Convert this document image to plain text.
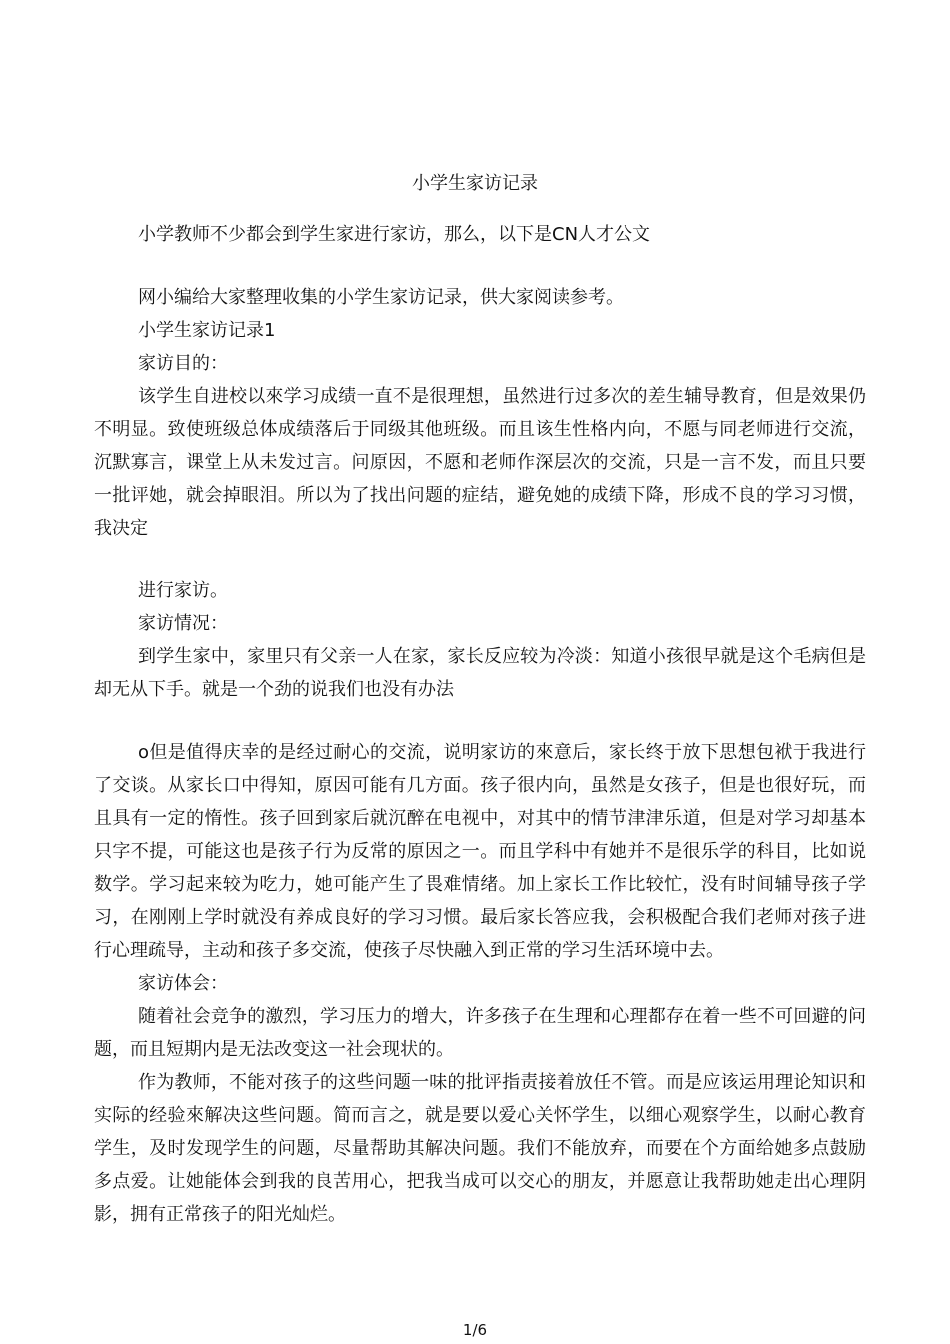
小学生家访记录

小学教师不少都会到学生家进行家访，那么，以下是CN人才公文

网小编给大家整理收集的小学生家访记录，供大家阅读参考。

小学生家访记录1

家访目的：

该学生自进校以來学习成绩一直不是很理想，虽然进行过多次的差生辅导教育，但是效果仍不明显。致使班级总体成绩落后于同级其他班级。而且该生性格内向，不愿与同老师进行交流，沉默寡言，课堂上从未发过言。问原因，不愿和老师作深层次的交流，只是一言不发，而且只要一批评她，就会掉眼泪。所以为了找出问题的症结，避免她的成绩下降，形成不良的学习习惯，我决定

进行家访。

家访情况：

到学生家中，家里只有父亲一人在家，家长反应较为冷淡：知道小孩很早就是这个毛病但是却无从下手。就是一个劲的说我们也没有办法

o但是值得庆幸的是经过耐心的交流，说明家访的來意后，家长终于放下思想包袱于我进行了交谈。从家长口中得知，原因可能有几方面。孩子很内向，虽然是女孩子，但是也很好玩，而且具有一定的惰性。孩子回到家后就沉醉在电视中，对其中的情节津津乐道，但是对学习却基本只字不提，可能这也是孩子行为反常的原因之一。而且学科中有她并不是很乐学的科目，比如说数学。学习起来较为吃力，她可能产生了畏难情绪。加上家长工作比较忙，没有时间辅导孩子学习，在刚刚上学时就没有养成良好的学习习惯。最后家长答应我，会积极配合我们老师对孩子进行心理疏导，主动和孩子多交流，使孩子尽快融入到正常的学习生活环境中去。

家访体会：

随着社会竞争的激烈，学习压力的增大，许多孩子在生理和心理都存在着一些不可回避的问题，而且短期内是无法改变这一社会现状的。

作为教师，不能对孩子的这些问题一味的批评指责接着放任不管。而是应该运用理论知识和实际的经验來解决这些问题。简而言之，就是要以爱心关怀学生，以细心观察学生，以耐心教育学生，及时发现学生的问题，尽量帮助其解决问题。我们不能放弃，而要在个方面给她多点鼓励多点爱。让她能体会到我的良苦用心，把我当成可以交心的朋友，并愿意让我帮助她走出心理阴影，拥有正常孩子的阳光灿烂。

1/6
